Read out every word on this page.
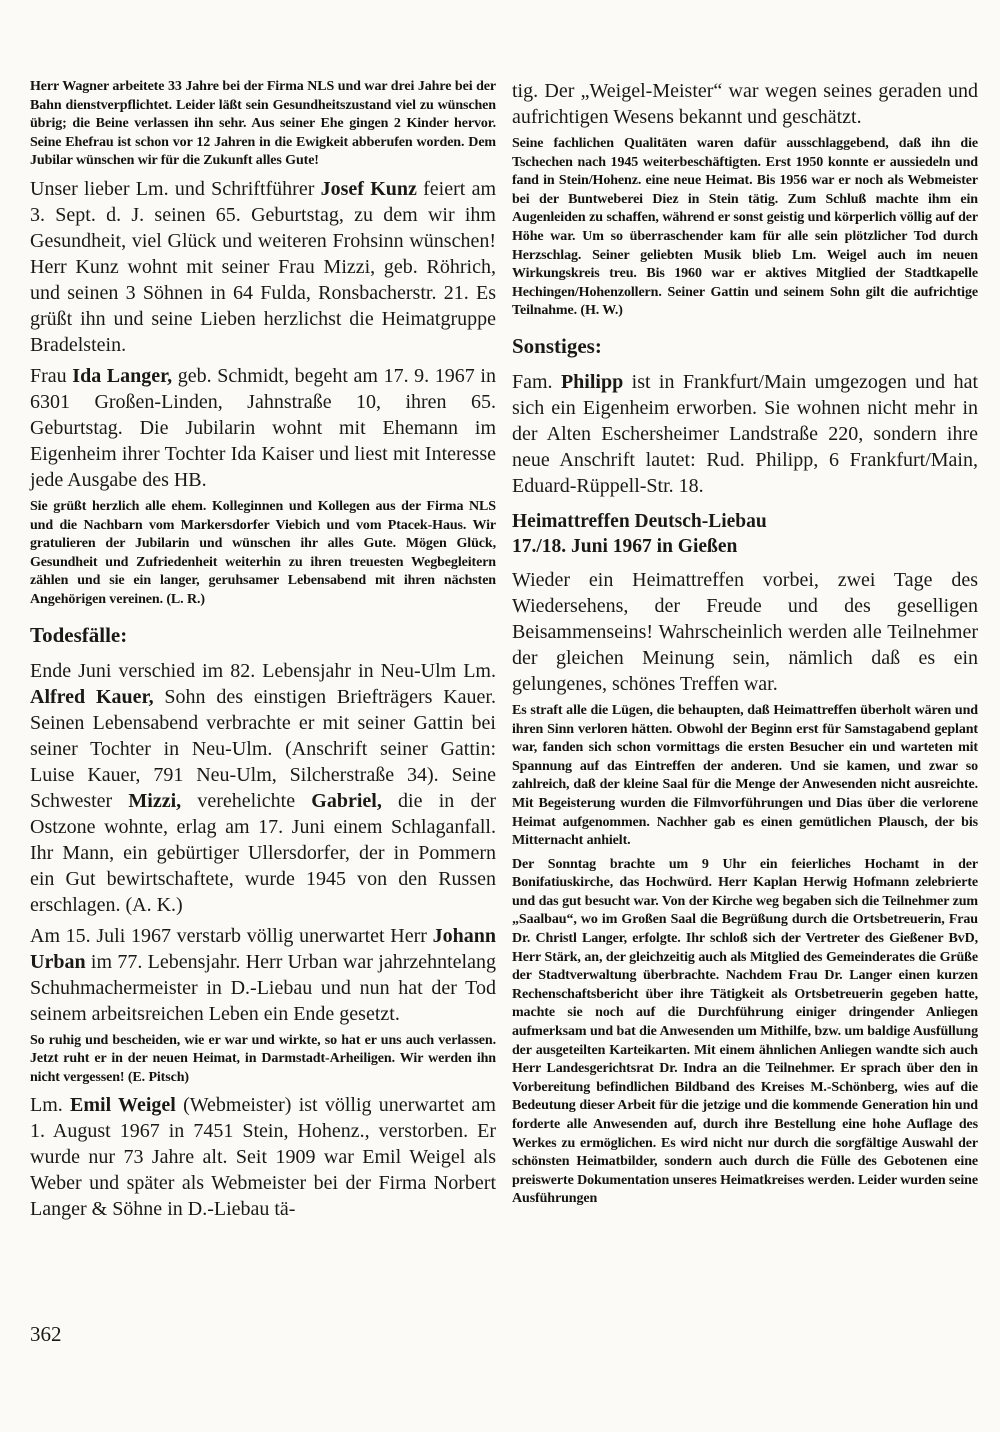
Herr Wagner arbeitete 33 Jahre bei der Firma NLS und war drei Jahre bei der Bahn dienstverpflichtet. Leider läßt sein Gesundheitszustand viel zu wünschen übrig; die Beine verlassen ihn sehr. Aus seiner Ehe gingen 2 Kinder hervor. Seine Ehefrau ist schon vor 12 Jahren in die Ewigkeit abberufen worden. Dem Jubilar wünschen wir für die Zukunft alles Gute!

Unser lieber Lm. und Schriftführer Josef Kunz feiert am 3. Sept. d. J. seinen 65. Geburtstag, zu dem wir ihm Gesundheit, viel Glück und weiteren Frohsinn wünschen! Herr Kunz wohnt mit seiner Frau Mizzi, geb. Röhrich, und seinen 3 Söhnen in 64 Fulda, Ronsbacherstr. 21. Es grüßt ihn und seine Lieben herzlichst die Heimatgruppe Bradelstein.

Frau Ida Langer, geb. Schmidt, begeht am 17. 9. 1967 in 6301 Großen-Linden, Jahnstraße 10, ihren 65. Geburtstag. Die Jubilarin wohnt mit Ehemann im Eigenheim ihrer Tochter Ida Kaiser und liest mit Interesse jede Ausgabe des HB.

Sie grüßt herzlich alle ehem. Kolleginnen und Kollegen aus der Firma NLS und die Nachbarn vom Markersdorfer Viebich und vom Ptacek-Haus. Wir gratulieren der Jubilarin und wünschen ihr alles Gute. Mögen Glück, Gesundheit und Zufriedenheit weiterhin zu ihren treuesten Wegbegleitern zählen und sie ein langer, geruhsamer Lebensabend mit ihren nächsten Angehörigen vereinen. (L. R.)

Todesfälle:

Ende Juni verschied im 82. Lebensjahr in Neu-Ulm Lm. Alfred Kauer, Sohn des einstigen Briefträgers Kauer. Seinen Lebensabend verbrachte er mit seiner Gattin bei seiner Tochter in Neu-Ulm. (Anschrift seiner Gattin: Luise Kauer, 791 Neu-Ulm, Silcherstraße 34). Seine Schwester Mizzi, verehelichte Gabriel, die in der Ostzone wohnte, erlag am 17. Juni einem Schlaganfall. Ihr Mann, ein gebürtiger Ullersdorfer, der in Pommern ein Gut bewirtschaftete, wurde 1945 von den Russen erschlagen. (A. K.)

Am 15. Juli 1967 verstarb völlig unerwartet Herr Johann Urban im 77. Lebensjahr. Herr Urban war jahrzehntelang Schuhmachermeister in D.-Liebau und nun hat der Tod seinem arbeitsreichen Leben ein Ende gesetzt.

So ruhig und bescheiden, wie er war und wirkte, so hat er uns auch verlassen. Jetzt ruht er in der neuen Heimat, in Darmstadt-Arheiligen. Wir werden ihn nicht vergessen! (E. Pitsch)

Lm. Emil Weigel (Webmeister) ist völlig unerwartet am 1. August 1967 in 7451 Stein, Hohenz., verstorben. Er wurde nur 73 Jahre alt. Seit 1909 war Emil Weigel als Weber und später als Webmeister bei der Firma Norbert Langer & Söhne in D.-Liebau tä-

tig. Der „Weigel-Meister“ war wegen seines geraden und aufrichtigen Wesens bekannt und geschätzt.

Seine fachlichen Qualitäten waren dafür ausschlaggebend, daß ihn die Tschechen nach 1945 weiterbeschäftigten. Erst 1950 konnte er aussiedeln und fand in Stein/Hohenz. eine neue Heimat. Bis 1956 war er noch als Webmeister bei der Buntweberei Diez in Stein tätig. Zum Schluß machte ihm ein Augenleiden zu schaffen, während er sonst geistig und körperlich völlig auf der Höhe war. Um so überraschender kam für alle sein plötzlicher Tod durch Herzschlag. Seiner geliebten Musik blieb Lm. Weigel auch im neuen Wirkungskreis treu. Bis 1960 war er aktives Mitglied der Stadtkapelle Hechingen/Hohenzollern. Seiner Gattin und seinem Sohn gilt die aufrichtige Teilnahme. (H. W.)

Sonstiges:

Fam. Philipp ist in Frankfurt/Main umgezogen und hat sich ein Eigenheim erworben. Sie wohnen nicht mehr in der Alten Eschersheimer Landstraße 220, sondern ihre neue Anschrift lautet: Rud. Philipp, 6 Frankfurt/Main, Eduard-Rüppell-Str. 18.

Heimattreffen Deutsch-Liebau
17./18. Juni 1967 in Gießen

Wieder ein Heimattreffen vorbei, zwei Tage des Wiedersehens, der Freude und des geselligen Beisammenseins! Wahrscheinlich werden alle Teilnehmer der gleichen Meinung sein, nämlich daß es ein gelungenes, schönes Treffen war.

Es straft alle die Lügen, die behaupten, daß Heimattreffen überholt wären und ihren Sinn verloren hätten. Obwohl der Beginn erst für Samstagabend geplant war, fanden sich schon vormittags die ersten Besucher ein und warteten mit Spannung auf das Eintreffen der anderen. Und sie kamen, und zwar so zahlreich, daß der kleine Saal für die Menge der Anwesenden nicht ausreichte. Mit Begeisterung wurden die Filmvorführungen und Dias über die verlorene Heimat aufgenommen. Nachher gab es einen gemütlichen Plausch, der bis Mitternacht anhielt.

Der Sonntag brachte um 9 Uhr ein feierliches Hochamt in der Bonifatiuskirche, das Hochwürd. Herr Kaplan Herwig Hofmann zelebrierte und das gut besucht war. Von der Kirche weg begaben sich die Teilnehmer zum „Saalbau“, wo im Großen Saal die Begrüßung durch die Ortsbetreuerin, Frau Dr. Christl Langer, erfolgte. Ihr schloß sich der Vertreter des Gießener BvD, Herr Stärk, an, der gleichzeitig auch als Mitglied des Gemeinderates die Grüße der Stadtverwaltung überbrachte. Nachdem Frau Dr. Langer einen kurzen Rechenschaftsbericht über ihre Tätigkeit als Ortsbetreuerin gegeben hatte, machte sie noch auf die Durchführung einiger dringender Anliegen aufmerksam und bat die Anwesenden um Mithilfe, bzw. um baldige Ausfüllung der ausgeteilten Karteikarten. Mit einem ähnlichen Anliegen wandte sich auch Herr Landesgerichtsrat Dr. Indra an die Teilnehmer. Er sprach über den in Vorbereitung befindlichen Bildband des Kreises M.-Schönberg, wies auf die Bedeutung dieser Arbeit für die jetzige und die kommende Generation hin und forderte alle Anwesenden auf, durch ihre Bestellung eine hohe Auflage des Werkes zu ermöglichen. Es wird nicht nur durch die sorgfältige Auswahl der schönsten Heimatbilder, sondern auch durch die Fülle des Gebotenen eine preiswerte Dokumentation unseres Heimatkreises werden. Leider wurden seine Ausführungen

362
